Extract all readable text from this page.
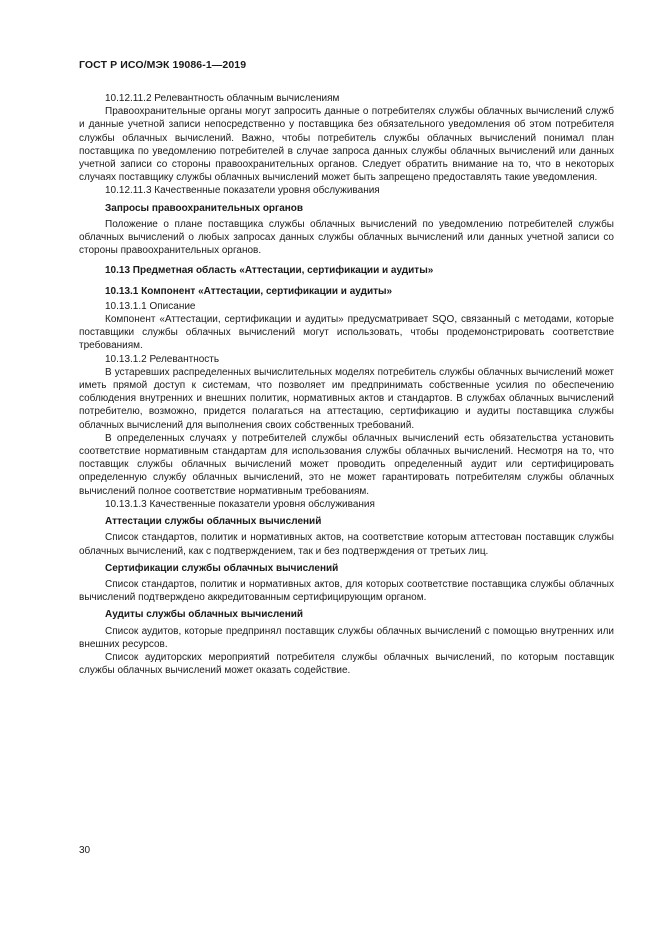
ГОСТ Р ИСО/МЭК 19086-1—2019
10.12.11.2 Релевантность облачным вычислениям

Правоохранительные органы могут запросить данные о потребителях службы облачных вычислений служб и данные учетной записи непосредственно у поставщика без обязательного уведомления об этом потребителя службы облачных вычислений. Важно, чтобы потребитель службы облачных вычислений понимал план поставщика по уведомлению потребителей в случае запроса данных службы облачных вычислений или данных учетной записи со стороны правоохранительных органов. Следует обратить внимание на то, что в некоторых случаях поставщику службы облачных вычислений может быть запрещено предоставлять такие уведомления.

10.12.11.3 Качественные показатели уровня обслуживания
Запросы правоохранительных органов

Положение о плане поставщика службы облачных вычислений по уведомлению потребителей службы облачных вычислений о любых запросах данных службы облачных вычислений или данных учетной записи со стороны правоохранительных органов.

10.13 Предметная область «Аттестации, сертификации и аудиты»
10.13.1 Компонент «Аттестации, сертификации и аудиты»
10.13.1.1 Описание

Компонент «Аттестации, сертификации и аудиты» предусматривает SQO, связанный с методами, которые поставщики службы облачных вычислений могут использовать, чтобы продемонстрировать соответствие требованиям.

10.13.1.2 Релевантность

В устаревших распределенных вычислительных моделях потребитель службы облачных вычислений может иметь прямой доступ к системам, что позволяет им предпринимать собственные усилия по обеспечению соблюдения внутренних и внешних политик, нормативных актов и стандартов. В службах облачных вычислений потребителю, возможно, придется полагаться на аттестацию, сертификацию и аудиты поставщика службы облачных вычислений для выполнения своих собственных требований.

В определенных случаях у потребителей службы облачных вычислений есть обязательства установить соответствие нормативным стандартам для использования службы облачных вычислений. Несмотря на то, что поставщик службы облачных вычислений может проводить определенный аудит или сертифицировать определенную службу облачных вычислений, это не может гарантировать потребителям службы облачных вычислений полное соответствие нормативным требованиям.

10.13.1.3 Качественные показатели уровня обслуживания
Аттестации службы облачных вычислений

Список стандартов, политик и нормативных актов, на соответствие которым аттестован поставщик службы облачных вычислений, как с подтверждением, так и без подтверждения от третьих лиц.

Сертификации службы облачных вычислений

Список стандартов, политик и нормативных актов, для которых соответствие поставщика службы облачных вычислений подтверждено аккредитованным сертифицирующим органом.

Аудиты службы облачных вычислений

Список аудитов, которые предпринял поставщик службы облачных вычислений с помощью внутренних или внешних ресурсов.

Список аудиторских мероприятий потребителя службы облачных вычислений, по которым поставщик службы облачных вычислений может оказать содействие.

30
